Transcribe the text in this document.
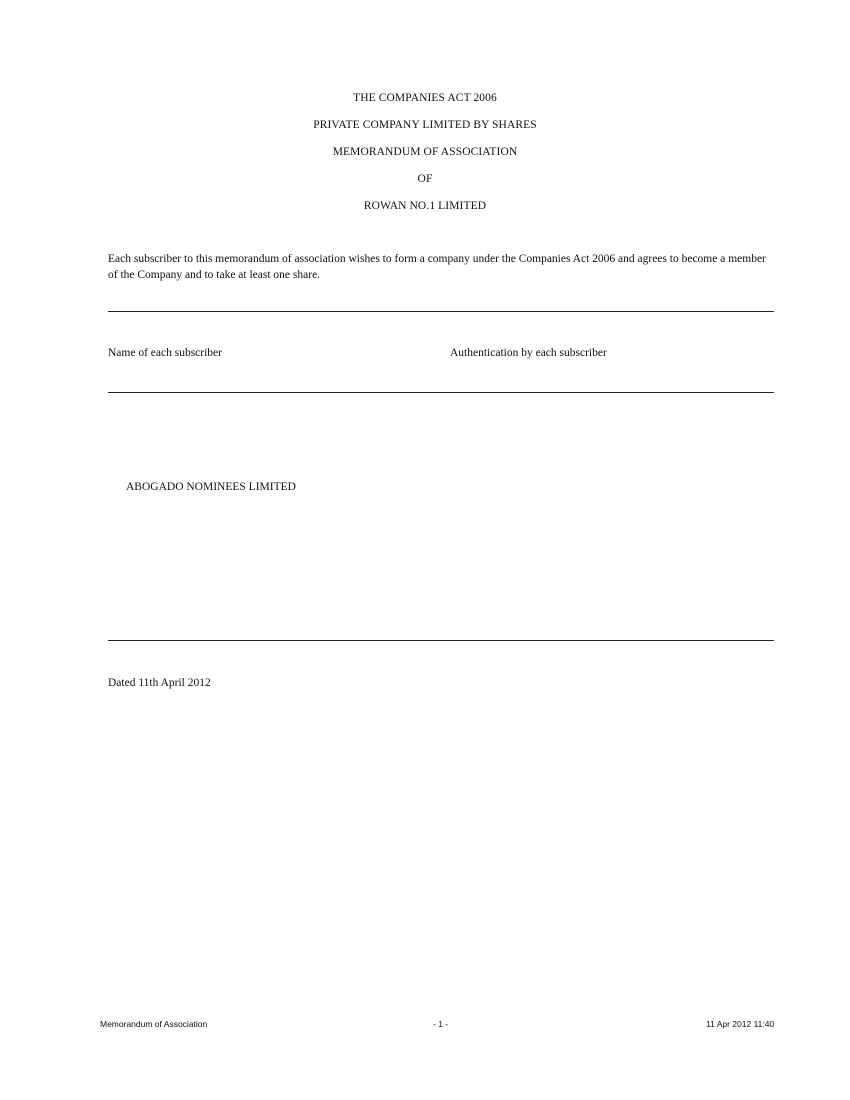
THE COMPANIES ACT 2006
PRIVATE COMPANY LIMITED BY SHARES
MEMORANDUM OF ASSOCIATION
OF
ROWAN NO.1 LIMITED
Each subscriber to this memorandum of association wishes to form a company under the Companies Act 2006 and agrees to become a member of the Company and to take at least one share.
Name of each subscriber	Authentication by each subscriber
ABOGADO NOMINEES LIMITED
Dated 11th April 2012
Memorandum of Association	- 1 -	11 Apr 2012 11:40
